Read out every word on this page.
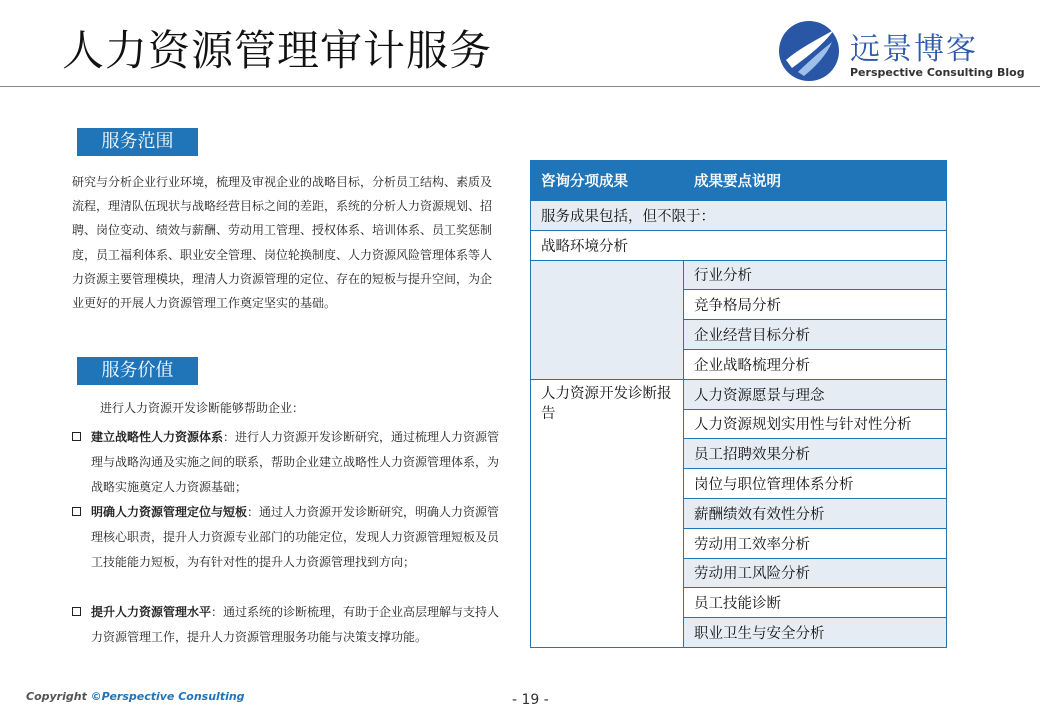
人力资源管理审计服务	远景博客
Perspective Consulting Blog
服务范围
研究与分析企业行业环境，梳理及审视企业的战略目标，分析员工结构、素质及流程，理清队伍现状与战略经营目标之间的差距，系统的分析人力资源规划、招聘、岗位变动、绩效与薪酬、劳动用工管理、授权体系、培训体系、员工奖惩制度，员工福利体系、职业安全管理、岗位轮换制度、人力资源风险管理体系等人力资源主要管理模块，理清人力资源管理的定位、存在的短板与提升空间，为企业更好的开展人力资源管理工作奠定坚实的基础。
服务价值
进行人力资源开发诊断能够帮助企业：
建立战略性人力资源体系：进行人力资源开发诊断研究，通过梳理人力资源管理与战略沟通及实施之间的联系，帮助企业建立战略性人力资源管理体系，为战略实施奠定人力资源基础；
明确人力资源管理定位与短板：通过人力资源开发诊断研究，明确人力资源管理核心职责，提升人力资源专业部门的功能定位，发现人力资源管理短板及员工技能能力短板，为有针对性的提升人力资源管理找到方向；
提升人力资源管理水平：通过系统的诊断梳理，有助于企业高层理解与支持人力资源管理工作，提升人力资源管理服务功能与决策支撑功能。
咨询分项成果	成果要点说明
服务成果包括，但不限于：	
战略环境分析	
	行业分析
	竞争格局分析
	企业经营目标分析
	企业战略梳理分析
人力资源开发诊断报告	人力资源愿景与理念
	人力资源规划实用性与针对性分析
	员工招聘效果分析
	岗位与职位管理体系分析
	薪酬绩效有效性分析
	劳动用工效率分析
	劳动用工风险分析
	员工技能诊断
	职业卫生与安全分析
Copyright ©Perspective Consulting	- 19 -
